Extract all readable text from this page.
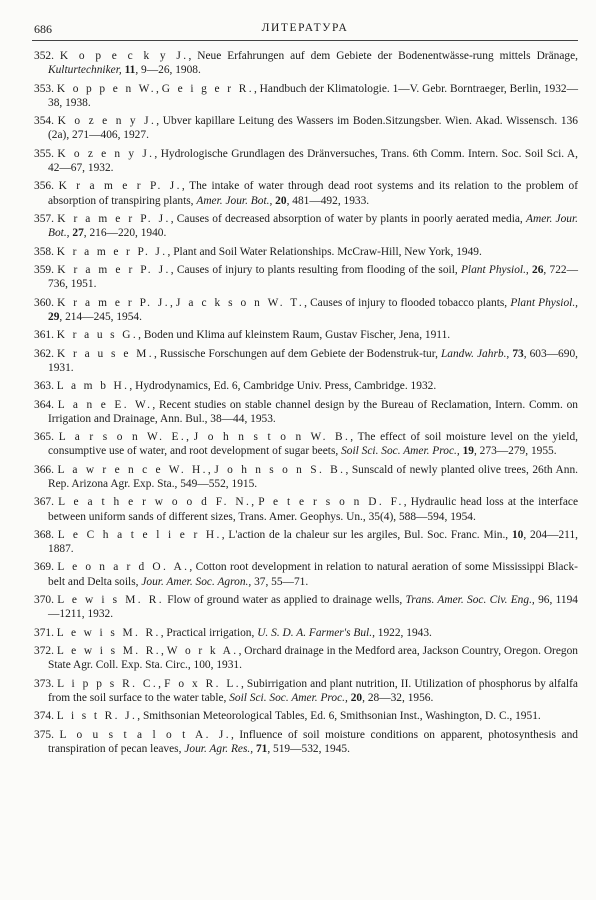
686	ЛИТЕРАТУРА
352. K o p e c k y J., Neue Erfahrungen auf dem Gebiete der Bodenentwässe-rung mittels Dränage, Kulturtechniker, 11, 9—26, 1908.
353. K o p p e n W., G e i g e r R., Handbuch der Klimatologie. 1—V. Gebr. Borntraeger, Berlin, 1932—38, 1938.
354. K o z e n y J., Ubver kapillare Leitung des Wassers im Boden.Sitzungsber. Wien. Akad. Wissensch. 136 (2a), 271—406, 1927.
355. K o z e n y J., Hydrologische Grundlagen des Dränversuches, Trans. 6th Comm. Intern. Soc. Soil Sci. A, 42—67, 1932.
356. K r a m e r P. J., The intake of water through dead root systems and its relation to the problem of absorption of transpiring plants, Amer. Jour. Bot., 20, 481—492, 1933.
357. K r a m e r P. J., Causes of decreased absorption of water by plants in poorly aerated media, Amer. Jour. Bot., 27, 216—220, 1940.
358. K r a m e r P. J., Plant and Soil Water Relationships. McCraw-Hill, New York, 1949.
359. K r a m e r P. J., Causes of injury to plants resulting from flooding of the soil, Plant Physiol., 26, 722—736, 1951.
360. K r a m e r P. J., J a c k s o n W. T., Causes of injury to flooded tobacco plants, Plant Physiol., 29, 214—245, 1954.
361. K r a u s G., Boden und Klima auf kleinstem Raum, Gustav Fischer, Jena, 1911.
362. K r a u s e M., Russische Forschungen auf dem Gebiete der Bodenstruk-tur, Landw. Jahrb., 73, 603—690, 1931.
363. L a m b H., Hydrodynamics, Ed. 6, Cambridge Univ. Press, Cambridge. 1932.
364. L a n e E. W., Recent studies on stable channel design by the Bureau of Reclamation, Intern. Comm. on Irrigation and Drainage, Ann. Bul., 38—44, 1953.
365. L a r s o n W. E., J o h n s t o n W. B., The effect of soil moisture level on the yield, consumptive use of water, and root development of sugar beets, Soil Sci. Soc. Amer. Proc., 19, 273—279, 1955.
366. L a w r e n c e W. H., J o h n s o n S. B., Sunscald of newly planted olive trees, 26th Ann. Rep. Arizona Agr. Exp. Sta., 549—552, 1915.
367. L e a t h e r w o o d F. N., P e t e r s o n D. F., Hydraulic head loss at the interface between uniform sands of different sizes, Trans. Amer. Geophys. Un., 35(4), 588—594, 1954.
368. L e C h a t e l i e r H., L'action de la chaleur sur les argiles, Bul. Soc. Franc. Min., 10, 204—211, 1887.
369. L e o n a r d O. A., Cotton root development in relation to natural aeration of some Mississippi Black-belt and Delta soils, Jour. Amer. Soc. Agron., 37, 55—71.
370. L e w i s M. R. Flow of ground water as applied to drainage wells, Trans. Amer. Soc. Civ. Eng., 96, 1194—1211, 1932.
371. L e w i s M. R., Practical irrigation, U. S. D. A. Farmer's Bul., 1922, 1943.
372. L e w i s M. R., W o r k A., Orchard drainage in the Medford area, Jackson Country, Oregon. Oregon State Agr. Coll. Exp. Sta. Circ., 100, 1931.
373. L i p p s R. C., F o x R. L., Subirrigation and plant nutrition, II. Utilization of phosphorus by alfalfa from the soil surface to the water table, Soil Sci. Soc. Amer. Proc., 20, 28—32, 1956.
374. L i s t R. J., Smithsonian Meteorological Tables, Ed. 6, Smithsonian Inst., Washington, D. C., 1951.
375. L o u s t a l o t A. J., Influence of soil moisture conditions on apparent, photosynthesis and transpiration of pecan leaves, Jour. Agr. Res., 71, 519—532, 1945.
